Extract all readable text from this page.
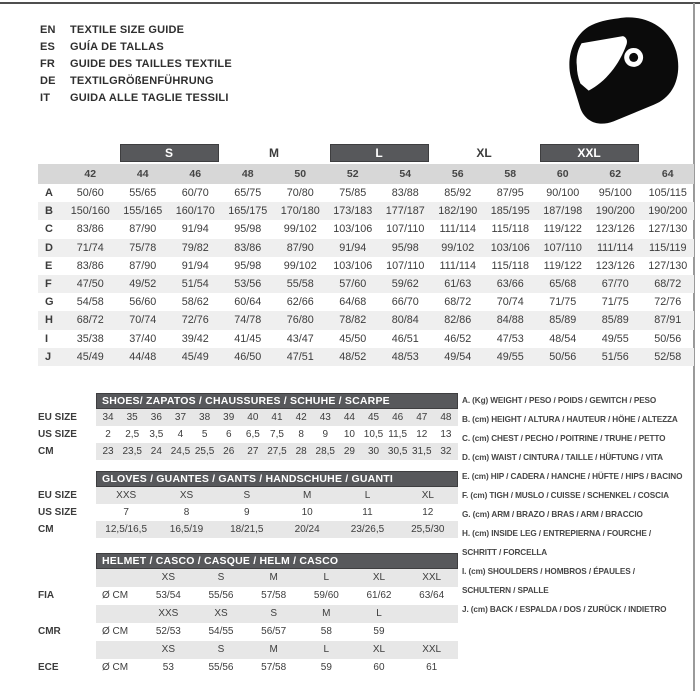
EN	TEXTILE SIZE GUIDE
ES	GUÍA DE TALLAS
FR	GUIDE DES TAILLES TEXTILE
DE	TEXTILGRÖßENFÜHRUNG
IT	GUIDA ALLE TAGLIE TESSILI
S	M	L	XL	XXL
42	44	46	48	50	52	54	56	58	60	62	64
A	50/60	55/65	60/70	65/75	70/80	75/85	83/88	85/92	87/95	90/100	95/100	105/115
B	150/160	155/165	160/170	165/175	170/180	173/183	177/187	182/190	185/195	187/198	190/200	190/200
C	83/86	87/90	91/94	95/98	99/102	103/106	107/110	111/114	115/118	119/122	123/126	127/130
D	71/74	75/78	79/82	83/86	87/90	91/94	95/98	99/102	103/106	107/110	111/114	115/119
E	83/86	87/90	91/94	95/98	99/102	103/106	107/110	111/114	115/118	119/122	123/126	127/130
F	47/50	49/52	51/54	53/56	55/58	57/60	59/62	61/63	63/66	65/68	67/70	68/72
G	54/58	56/60	58/62	60/64	62/66	64/68	66/70	68/72	70/74	71/75	71/75	72/76
H	68/72	70/74	72/76	74/78	76/80	78/82	80/84	82/86	84/88	85/89	85/89	87/91
I	35/38	37/40	39/42	41/45	43/47	45/50	46/51	46/52	47/53	48/54	49/55	50/56
J	45/49	44/48	45/49	46/50	47/51	48/52	48/53	49/54	49/55	50/56	51/56	52/58
SHOES/ ZAPATOS / CHAUSSURES / SCHUHE / SCARPE
EU SIZE	34	35	36	37	38	39	40	41	42	43	44	45	46	47	48
US SIZE	2	2,5	3,5	4	5	6	6,5	7,5	8	9	10 10,5 11,5 12	13
CM	23 23,5 24 24,5 25,5 26	27 27,5 28 28,5 29	30 30,5 31,5 32
GLOVES / GUANTES / GANTS / HANDSCHUHE / GUANTI
EU SIZE	XXS	XS	S	M	L	XL
US SIZE	7	8	9	10	11	12
CM	12,5/16,5	16,5/19	18/21,5	20/24	23/26,5	25,5/30
HELMET / CASCO / CASQUE / HELM / CASCO
XS	S	M	L	XL	XXL
FIA	Ø CM	53/54	55/56	57/58	59/60	61/62	63/64
XXS	XS	S	M	L
CMR	Ø CM	52/53	54/55	56/57	58	59
XS	S	M	L	XL	XXL
ECE	Ø CM	53	55/56	57/58	59	60	61
A. (Kg) WEIGHT / PESO / POIDS / GEWITCH / PESO
B. (cm) HEIGHT / ALTURA / HAUTEUR / HÖHE / ALTEZZA
C. (cm) CHEST / PECHO / POITRINE / TRUHE / PETTO
D. (cm) WAIST / CINTURA / TAILLE / HÜFTUNG / VITA
E. (cm) HIP / CADERA / HANCHE / HÜFTE / HIPS / BACINO
F. (cm) TIGH / MUSLO / CUISSE / SCHENKEL / COSCIA
G. (cm) ARM / BRAZO / BRAS / ARM / BRACCIO
H. (cm) INSIDE LEG / ENTREPIERNA / FOURCHE /
SCHRITT / FORCELLA
I. (cm) SHOULDERS / HOMBROS / ÉPAULES /
SCHULTERN / SPALLE
J. (cm) BACK / ESPALDA / DOS / ZURÜCK / INDIETRO
